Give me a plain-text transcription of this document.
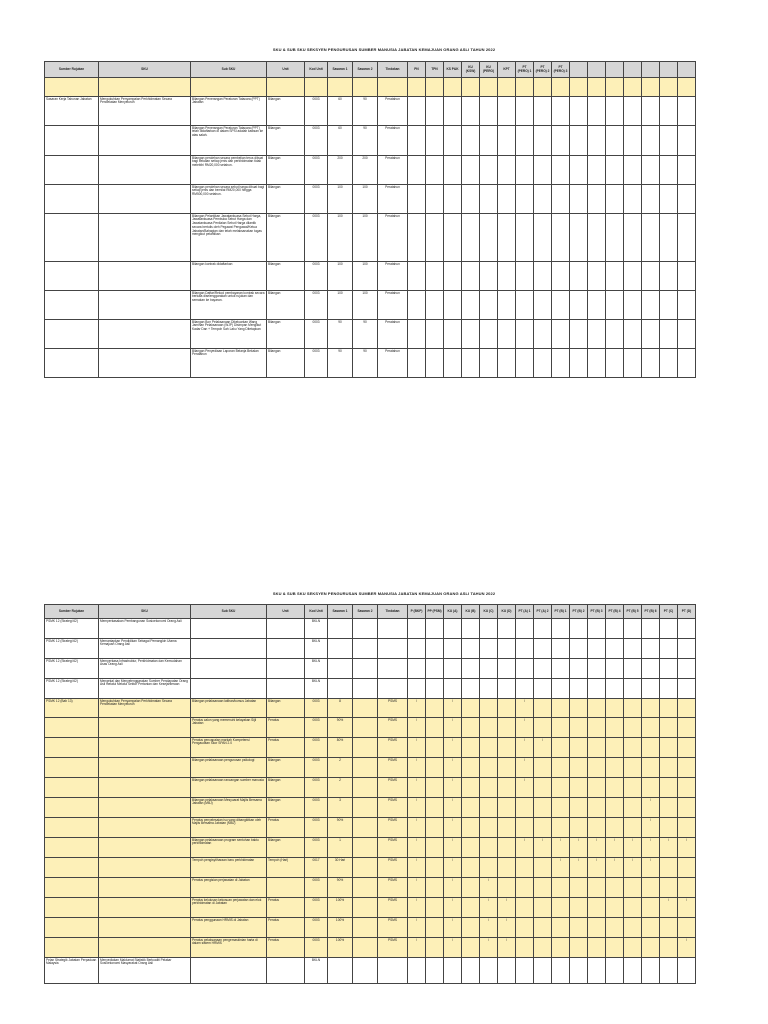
SKU & SUB SKU SEKSYEN PENGURUSAN SUMBER MANUSIA JABATAN KEMAJUAN ORANG ASLI TAHUN 2022
Sumber Rujukan	SKU	Sub SKU	Unit	Kod Unit	Sasaran 1	Sasaran 2	Tindakan	PN	TPN	KS P&K	KU (KSW)	KU (PERO)	KPT	PT (PERO) 1	PT (PERO) 2	PT (PERO) 3							

Sasaran Kerja Tahunan Jabatan	Mengukuhkan Penyampaian Perkhidmatan Secara Pendekatan Menyeluruh	Bilangan Penerangan Peraturan Tatacara (PPT) Jabatan	Bilangan	0003	60	90	Peratahun																
		Bilangan Penerangan Peraturan Tatacara (PPT) telah didaftarkan di dalam SPSI adalah kawsan ke atas salah.	Bilangan	0003	60	90	Peratahun																
		Bilangan perolehan secara pembelian terus dibuat bagi bekalan setiap jenis dan perkhidmatan tidak melebihi RM20,000 setahun.	Bilangan	0003	200	200	Peratahun																
		Bilangan perolehan secara sebut harga dibuat bagi setiap jenis dan bernilai RM20,000 hingga RM500,000 setahun.	Bilangan	0003	100	100	Peratahun																
		Bilangan Pelantikan Jawatankuasa Sebut Harga, Jawatankuasa Pembuka Sebut Harga dan Jawatankuasa Penilaian Sebut Harga dilantik secara bertulis oleh Pegawai Pengawal/Ketua Jabatan/Bahagian dan telah melaksanakan tugas mengikut pelantikan	Bilangan	0003	100	100	Peratahun																
		Bilangan kontrak didaftarkan	Bilangan	0003	100	100	Peratahun																
		Bilangan Daftar/Rekod pembayaran kontrak secara berkala diselenggarakan untuk rujukan dan semakan ke bayaran.	Bilangan	0003	100	100	Peratahun																
		Bilangan Bon Pelaksanaan Dikeluarkan Wang Jaminan Pelaksanaan (WJP) Disimpan Mengikut Kadar Dan + Tempoh Sah Laku Yang Ditetapkan	Bilangan	0003	90	90	Peratahun																
		Bilangan Penyediaan Laporan Belanja Bekalan Peratahun	Bilangan	0003	90	90	Peratahun																
SKU & SUB SKU SEKSYEN PENGURUSAN SUMBER MANUSIA JABATAN KEMAJUAN ORANG ASLI TAHUN 2022
Sumber Rujukan	SKU	Sub SKU	Unit	Kod Unit	Sasaran 1	Sasaran 2	Tindakan	P (BKP)	PP (PSM)	KU (A)	KU (B)	KU (C)	KU (D)	PT (A) 1	PT (A) 2	PT (B) 1	PT (B) 2	PT (B) 3	PT (B) 4	PT (B) 5	PT (B) 6	PT (C)	PT (D)
PSMK 12 (Strategi 62)	Memperkasakan Pembangunan Sosioekonomi Orang Asli			BKLN																			
PSMK 12 (Strategi 62)	Memantapkan Pendidikan Sebagai Pemangkin Utama Kemajuan Orang Asli			BKLN																			
PSMK 12 (Strategi 62)	Memperkasa Infrastruktur, Perkhidmatan dan Kemudahan Asas Orang Asli			BKLN																			
PSMK 12 (Strategi 62)	Mengekal dan Menyelenggarakan Sumber Pendapatan Orang Asli melalui Melalui Sektor Pertanian dan Kesejahteraan			BKLN																			
PSMK 12 (Bab 13)	Mengukuhkan Penyampaian Perkhidmatan Secara Pendekatan Menyeluruh	Bilangan pelaksanaan latihan/kursus Jabatan	Bilangan	0003	8		PSMS	/		/				/									
		Peratus calon yang memenuhi kelayakan Sijil Jabatan	Peratus	0003	90%		PSMS	/		/				/									
		Peratus pencapaian markah Kompetensi Pengauditan Skor SPAN 2.0	Peratus	0003	80%		PSMS	/		/				/	/								
		Bilangan pelaksanaan pengurusan psikologi	Bilangan	0003	2		PSMS	/		/				/									
		Bilangan pelaksanaan rancangan sumber manusia	Bilangan	0003	2		PSMS	/		/				/									
		Bilangan pelaksanaan Mesyuarat Majlis Bersama Jabatan (MBJ)	Bilangan	0003	3		PSMS	/		/											/		
		Peratus penyelesaian isu yang dibangkitkan oleh Majlis Bersama Jabatan (MBJ)	Peratus	0003	90%		PSMS	/		/											/		
		Bilangan pelaksanaan program sentuhan baktu perkhidmatan	Bilangan	0003	1		PSMS	/		/				/	/	/	/	/	/	/	/	/	/
		Tempoh pengisytiharaan baru perkhidmatan	Tempoh (Hari)	0017	30 Hari		PSMS	/		/						/	/	/	/	/	/		
		Peratus pengisian perjawatan di Jabatan		0003	90%		PSMS	/		/		/											
		Peratus kelulusan kekosuan perjawatan dan elok perkhidmatan di Jabatan	Peratus	0003	100%		PSMS	/		/		/	/									/	/
		Peratus penggunaan HRMIS di Jabatan	Peratus	0003	100%		PSMS	/		/		/	/										
		Peratus pelaksanaan pengemaskinian harta di dalam sistem HRMIS	Peratus	0003	100%		PSMS	/		/		/	/										/
Pelan Strategik Jabatan Perpaduan Malaysia	Menyediakan Maklumat Statistik Berkualiti Pelakar Sosioekonomi Masyarakat Orang Asli			BKLN																			
